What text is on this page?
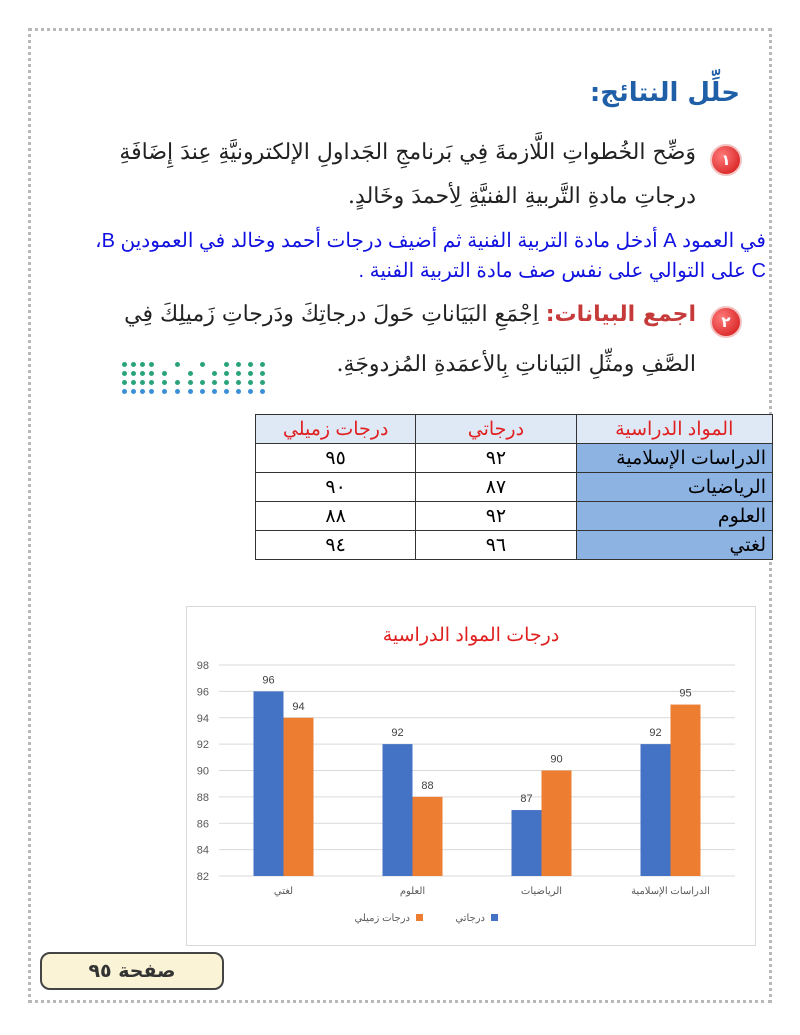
حلِّل النتائج:
١
وَضِّح الخُطواتِ اللَّازمةَ فِي بَرنامجِ الجَداولِ الإلكترونيَّةِ عِندَ إِضَافَةِ
درجاتِ مادةِ التَّربيةِ الفنيَّةِ لِأحمدَ وخَالدٍ.
في العمود A أدخل مادة التربية الفنية ثم أضيف درجات أحمد وخالد في العمودين B،
C على التوالي على نفس صف مادة التربية الفنية .
٢
اجمع البيانات: اِجْمَعِ البَيَاناتِ حَولَ درجاتِكَ ودَرجاتِ زَميلِكَ فِي
الصَّفِ ومثِّلِ البَياناتِ بِالأعمَدةِ المُزدوجَةِ.
المواد الدراسية	درجاتي	درجات زميلي
الدراسات الإسلامية	٩٢	٩٥
الرياضيات	٨٧	٩٠
العلوم	٩٢	٨٨
لغتي	٩٦	٩٤
درجات المواد الدراسية
82
84
86
88
90
92
94
96
98
92
95
الدراسات الإسلامية
87
90
الرياضيات
92
88
العلوم
96
94
لغتي
درجاتي
درجات زميلي
صفحة ٩٥
